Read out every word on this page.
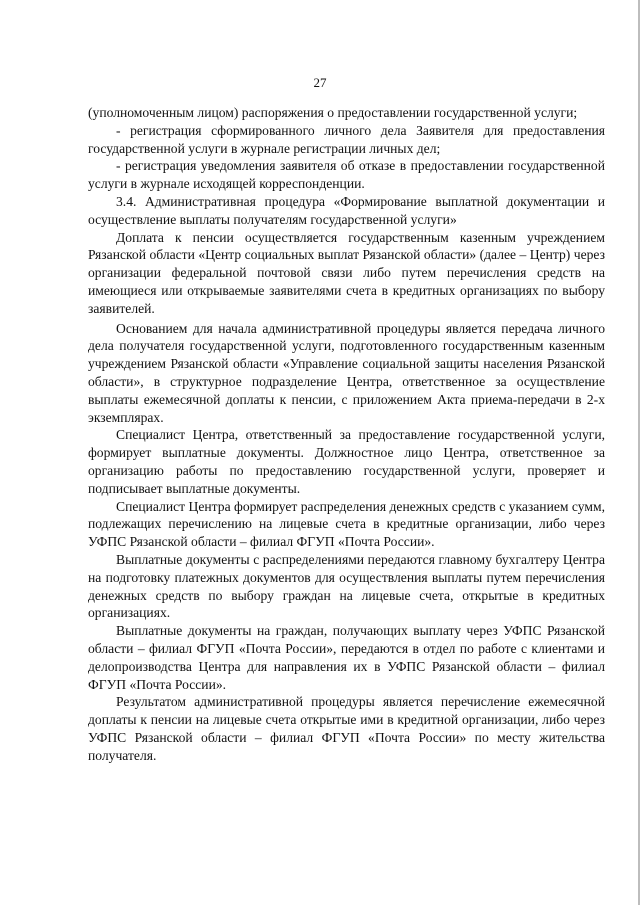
27

(уполномоченным лицом) распоряжения о предоставлении государственной услуги;

- регистрация сформированного личного дела Заявителя для предоставления государственной услуги в журнале регистрации личных дел;

- регистрация уведомления заявителя об отказе в предоставлении государственной услуги в журнале исходящей корреспонденции.

3.4. Административная процедура «Формирование выплатной документации и осуществление выплаты получателям государственной услуги»

Доплата к пенсии осуществляется государственным казенным учреждением Рязанской области «Центр социальных выплат Рязанской области» (далее – Центр) через организации федеральной почтовой связи либо путем перечисления средств на имеющиеся или открываемые заявителями счета в кредитных организациях по выбору заявителей.

Основанием для начала административной процедуры является передача личного дела получателя государственной услуги, подготовленного государственным казенным учреждением Рязанской области «Управление социальной защиты населения Рязанской области», в структурное подразделение Центра, ответственное за осуществление выплаты ежемесячной доплаты к пенсии, с приложением Акта приема-передачи в 2-х экземплярах.

Специалист Центра, ответственный за предоставление государственной услуги, формирует выплатные документы. Должностное лицо Центра, ответственное за организацию работы по предоставлению государственной услуги, проверяет и подписывает выплатные документы.

Специалист Центра формирует распределения денежных средств с указанием сумм, подлежащих перечислению на лицевые счета в кредитные организации, либо через УФПС Рязанской области – филиал ФГУП «Почта России».

Выплатные документы с распределениями передаются главному бухгалтеру Центра на подготовку платежных документов для осуществления выплаты путем перечисления денежных средств по выбору граждан на лицевые счета, открытые в кредитных организациях.

Выплатные документы на граждан, получающих выплату через УФПС Рязанской области – филиал ФГУП «Почта России», передаются в отдел по работе с клиентами и делопроизводства Центра для направления их в УФПС Рязанской области – филиал ФГУП «Почта России».

Результатом административной процедуры является перечисление ежемесячной доплаты к пенсии на лицевые счета открытые ими в кредитной организации, либо через УФПС Рязанской области – филиал ФГУП «Почта России» по месту жительства получателя.
